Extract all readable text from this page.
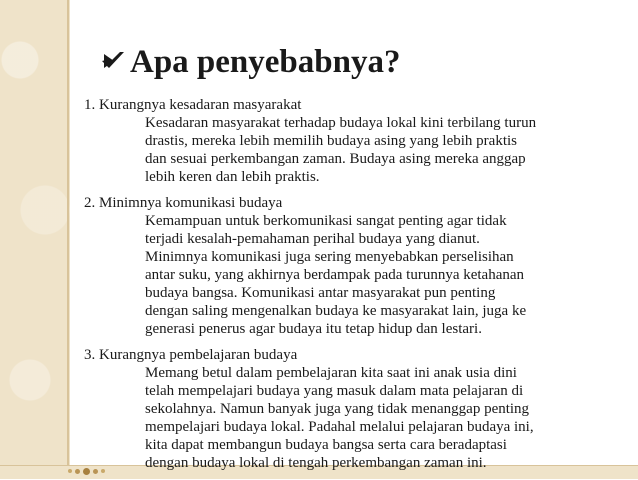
Apa penyebabnya?
1. Kurangnya kesadaran masyarakat
Kesadaran masyarakat terhadap budaya lokal kini terbilang turun
drastis, mereka lebih memilih budaya asing yang lebih praktis
dan sesuai perkembangan zaman. Budaya asing mereka anggap
lebih keren dan lebih praktis.
2. Minimnya komunikasi budaya
Kemampuan untuk berkomunikasi sangat penting agar tidak
terjadi kesalah-pemahaman perihal budaya yang dianut.
Minimnya komunikasi juga sering menyebabkan perselisihan
antar suku, yang akhirnya berdampak pada turunnya ketahanan
budaya bangsa. Komunikasi antar masyarakat pun penting
dengan saling mengenalkan budaya ke masyarakat lain, juga ke
generasi penerus agar budaya itu tetap hidup dan lestari.
3. Kurangnya pembelajaran budaya
Memang betul dalam pembelajaran kita saat ini anak usia dini
telah mempelajari budaya yang masuk dalam mata pelajaran di
sekolahnya. Namun banyak juga yang tidak menanggap penting
mempelajari budaya lokal. Padahal melalui pelajaran budaya ini,
kita dapat membangun budaya bangsa serta cara beradaptasi
dengan budaya lokal di tengah perkembangan zaman ini.
